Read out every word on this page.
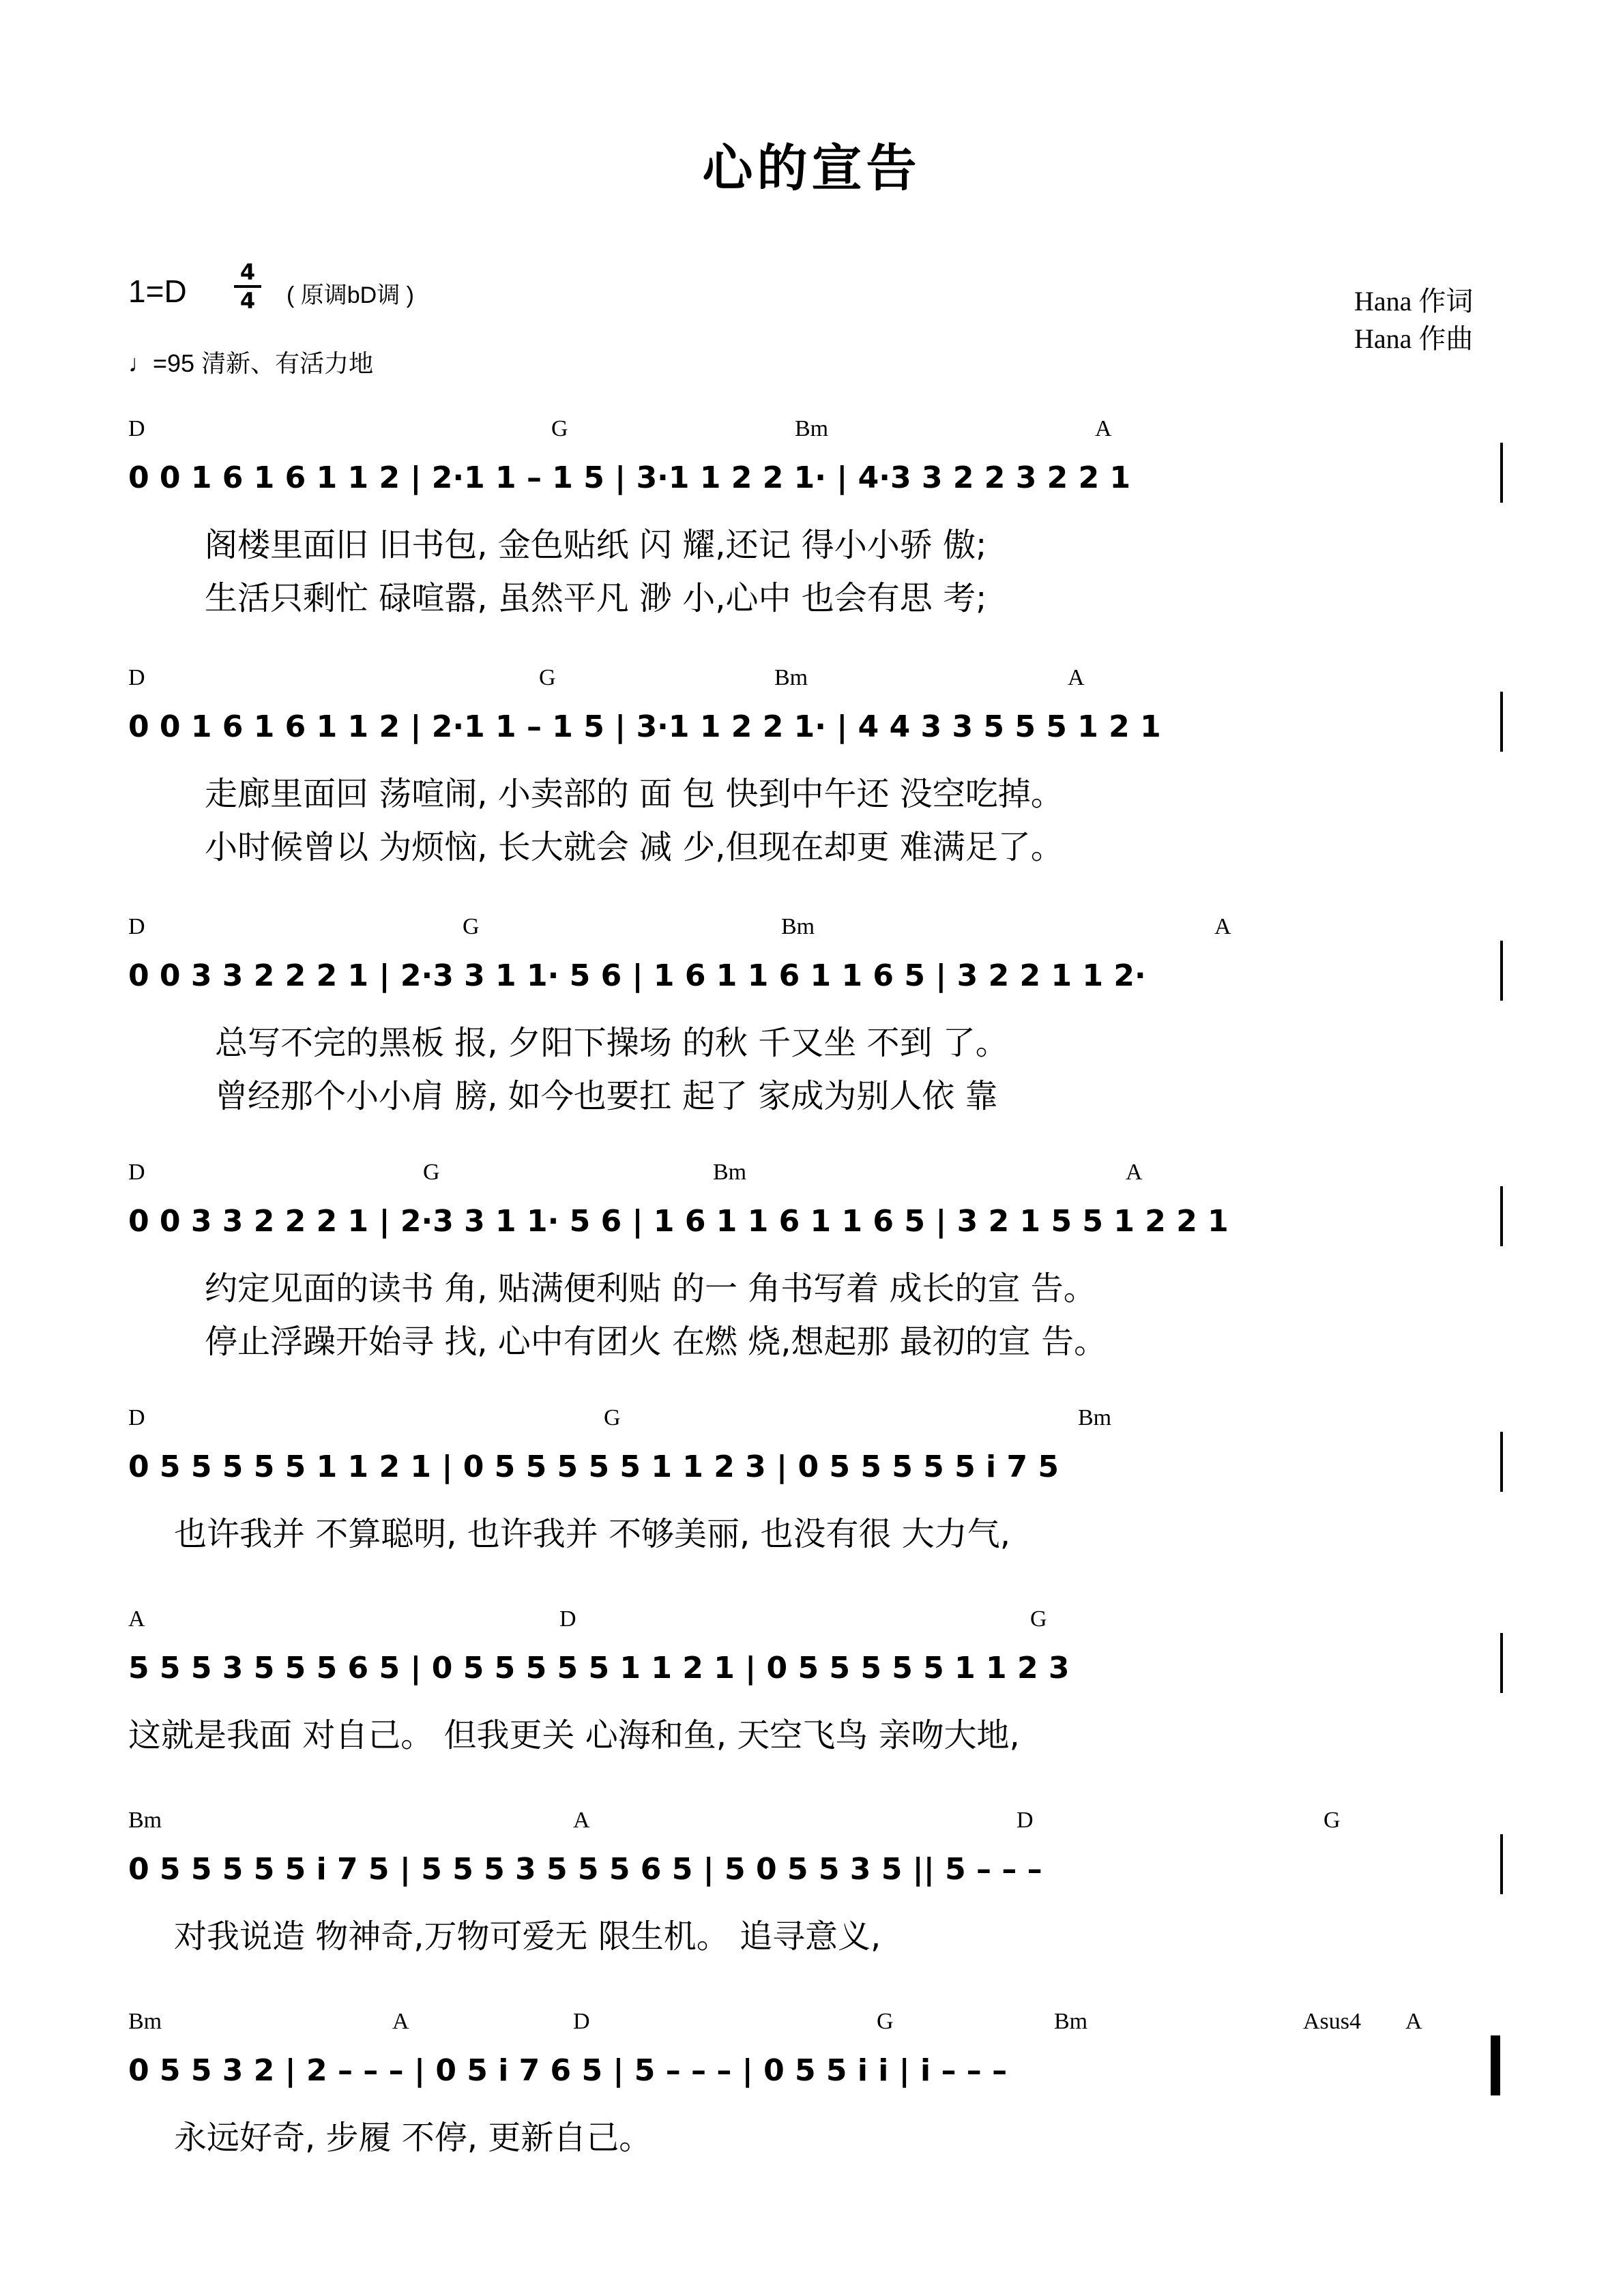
心的宣告
1=D
4
4 ( 原调bD调 )
♩=95 清新、有活力地
Hana 作词
Hana 作曲
D	G	Bm	A
0 0 1 6 1 6 1 1 2 | 2·1 1 – 1 5 | 3·1 1 2 2 1· | 4·3 3 2 2 3 2 2 1
阁楼里面旧 旧书包, 金色贴纸 闪 耀,还记 得小小骄 傲;
生活只剩忙 碌喧嚣, 虽然平凡 渺 小,心中 也会有思 考;
D	G	Bm	A
0 0 1 6 1 6 1 1 2 | 2·1 1 – 1 5 | 3·1 1 2 2 1· | 4 4 3 3 5 5 5 1 2 1
走廊里面回 荡喧闹, 小卖部的 面 包 快到中午还 没空吃掉。
小时候曾以 为烦恼, 长大就会 减 少,但现在却更 难满足了。
D	G	Bm	A
0 0 3 3 2 2 2 1 | 2·3 3 1 1· 5 6 | 1 6 1 1 6 1 1 6 5 | 3 2 2 1 1 2·
总写不完的黑板 报, 夕阳下操场 的秋 千又坐 不到 了。
曾经那个小小肩 膀, 如今也要扛 起了 家成为别人依 靠
D	G	Bm	A
0 0 3 3 2 2 2 1 | 2·3 3 1 1· 5 6 | 1 6 1 1 6 1 1 6 5 | 3 2 1 5 5 1 2 2 1
约定见面的读书 角, 贴满便利贴 的一 角书写着 成长的宣 告。
停止浮躁开始寻 找, 心中有团火 在燃 烧,想起那 最初的宣 告。
D	G	Bm
0 5 5 5 5 5 1 1 2 1 | 0 5 5 5 5 5 1 1 2 3 | 0 5 5 5 5 5 i 7 5
也许我并 不算聪明, 也许我并 不够美丽, 也没有很 大力气,
A	D	G
5 5 5 3 5 5 5 6 5 | 0 5 5 5 5 5 1 1 2 1 | 0 5 5 5 5 5 1 1 2 3
这就是我面 对自己。 但我更关 心海和鱼, 天空飞鸟 亲吻大地,
Bm	A	D	G
0 5 5 5 5 5 i 7 5 | 5 5 5 3 5 5 5 6 5 | 5 0 5 5 3 5 || 5 – – –
对我说造 物神奇,万物可爱无 限生机。 追寻意义,
Bm	A	D	G	Bm	Asus4 A
0 5 5 3 2 | 2 – – – | 0 5 i 7 6 5 | 5 – – – | 0 5 5 i i | i – – –
永远好奇, 步履 不停, 更新自己。
